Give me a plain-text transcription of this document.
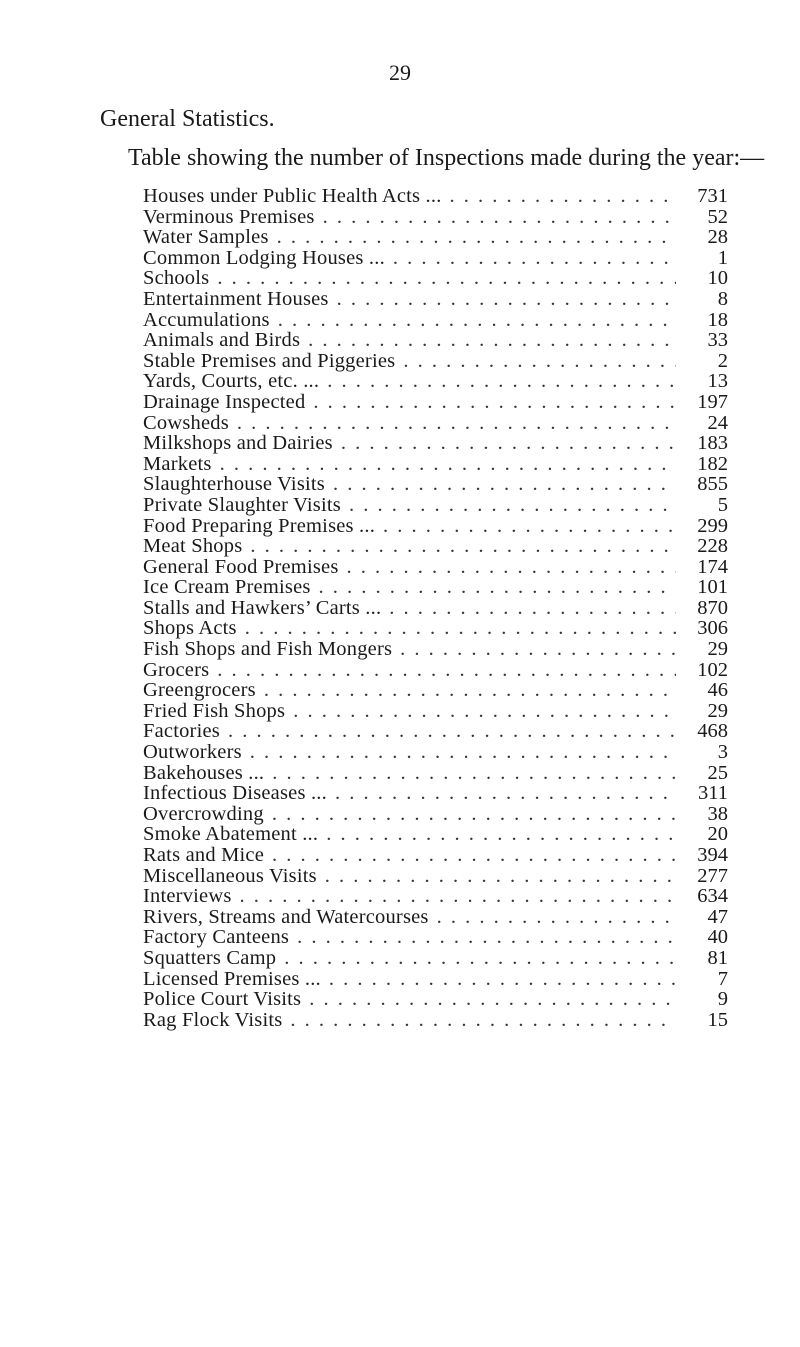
29
General Statistics.
Table showing the number of Inspections made during the year:—
Houses under Public Health Acts ... . . .	731
Verminous Premises . . .	52
Water Samples . . .	28
Common Lodging Houses ... . . .	1
Schools . . .	10
Entertainment Houses . . .	8
Accumulations . . .	18
Animals and Birds . . .	33
Stable Premises and Piggeries . . .	2
Yards, Courts, etc. ... . . .	13
Drainage Inspected . . .	197
Cowsheds . . .	24
Milkshops and Dairies . . .	183
Markets . . .	182
Slaughterhouse Visits . . .	855
Private Slaughter Visits . . .	5
Food Preparing Premises ... . . .	299
Meat Shops . . .	228
General Food Premises . . .	174
Ice Cream Premises . . .	101
Stalls and Hawkers’ Carts ... . . .	870
Shops Acts . . .	306
Fish Shops and Fish Mongers . . .	29
Grocers . . .	102
Greengrocers . . .	46
Fried Fish Shops . . .	29
Factories . . .	468
Outworkers . . .	3
Bakehouses ... . . .	25
Infectious Diseases ... . . .	311
Overcrowding . . .	38
Smoke Abatement ... . . .	20
Rats and Mice . . .	394
Miscellaneous Visits . . .	277
Interviews . . .	634
Rivers, Streams and Watercourses . . .	47
Factory Canteens . . .	40
Squatters Camp . . .	81
Licensed Premises ... . . .	7
Police Court Visits . . .	9
Rag Flock Visits . . .	15
